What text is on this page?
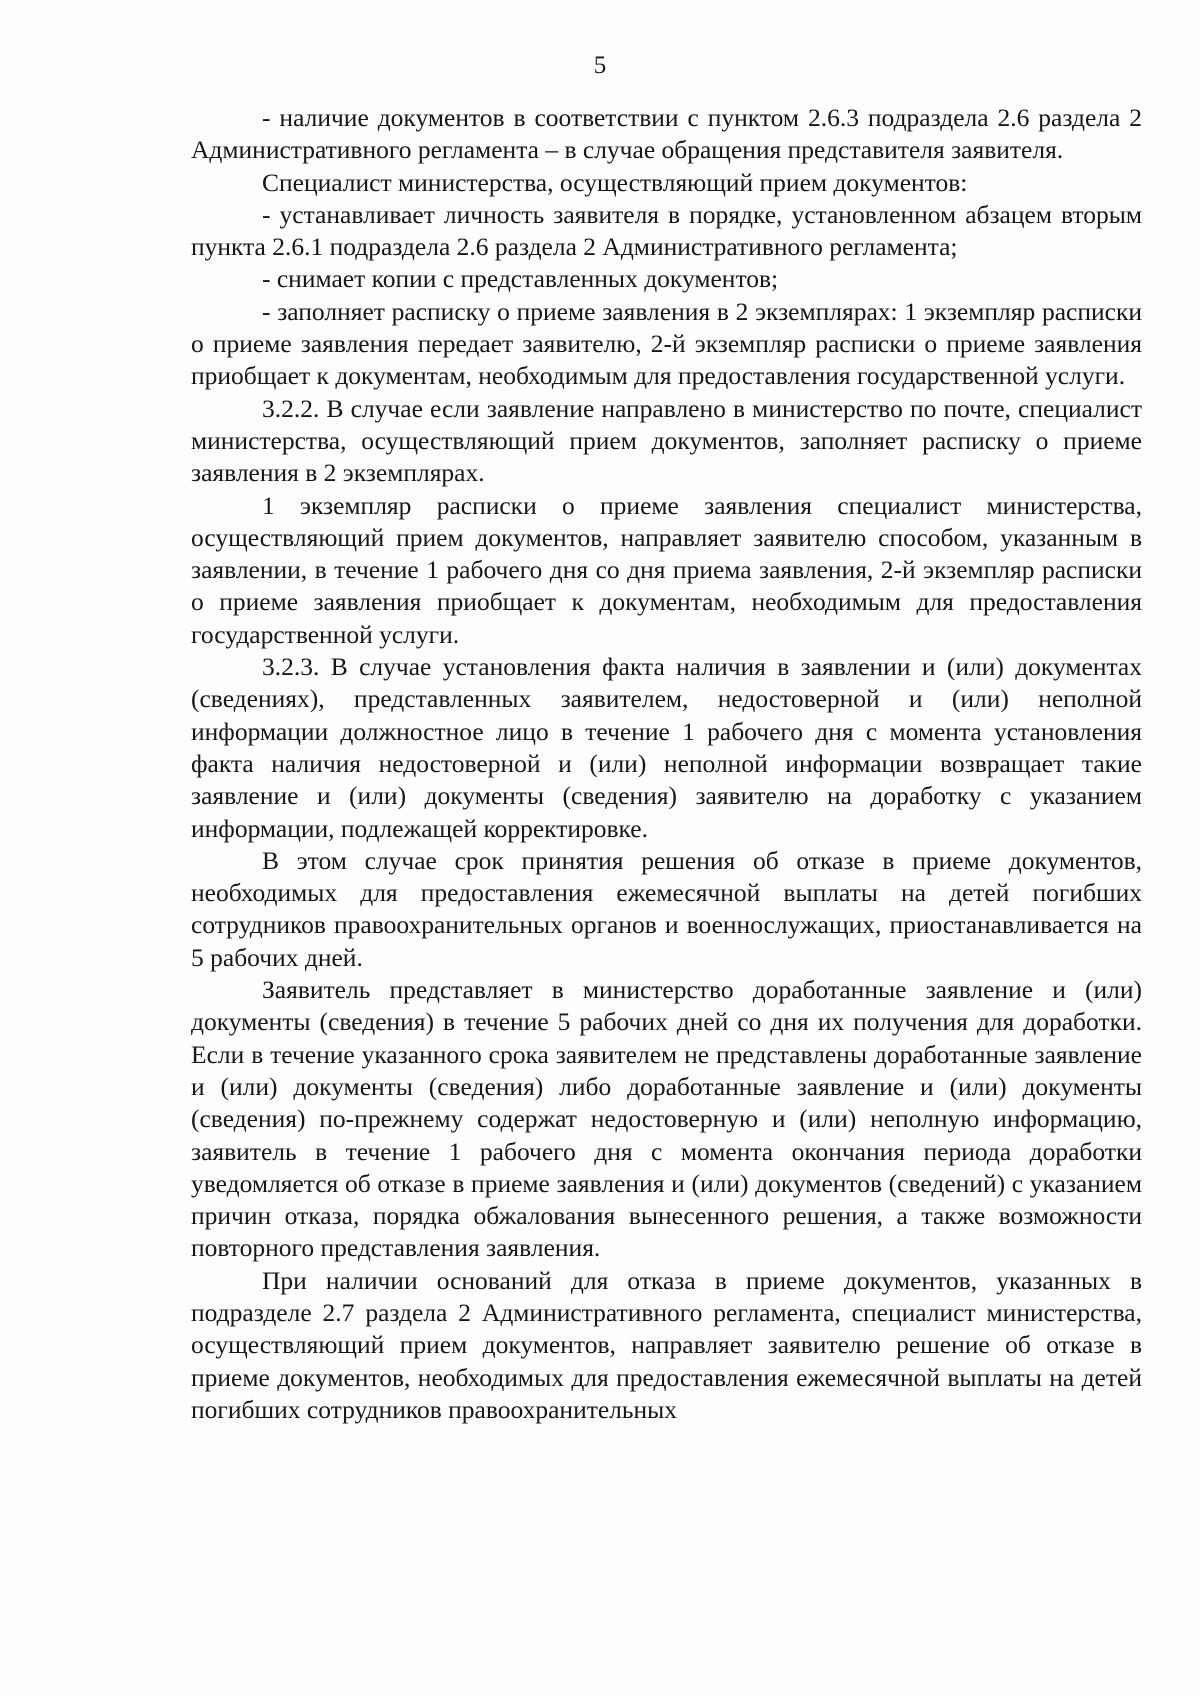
5

- наличие документов в соответствии с пунктом 2.6.3 подраздела 2.6 раздела 2 Административного регламента – в случае обращения представителя заявителя.

Специалист министерства, осуществляющий прием документов:

- устанавливает личность заявителя в порядке, установленном абзацем вторым пункта 2.6.1 подраздела 2.6 раздела 2 Административного регламента;

- снимает копии с представленных документов;

- заполняет расписку о приеме заявления в 2 экземплярах: 1 экземпляр расписки о приеме заявления передает заявителю, 2-й экземпляр расписки о приеме заявления приобщает к документам, необходимым для предоставления государственной услуги.

3.2.2. В случае если заявление направлено в министерство по почте, специалист министерства, осуществляющий прием документов, заполняет расписку о приеме заявления в 2 экземплярах.

1 экземпляр расписки о приеме заявления специалист министерства, осуществляющий прием документов, направляет заявителю способом, указанным в заявлении, в течение 1 рабочего дня со дня приема заявления, 2-й экземпляр расписки о приеме заявления приобщает к документам, необходимым для предоставления государственной услуги.

3.2.3. В случае установления факта наличия в заявлении и (или) документах (сведениях), представленных заявителем, недостоверной и (или) неполной информации должностное лицо в течение 1 рабочего дня с момента установления факта наличия недостоверной и (или) неполной информации возвращает такие заявление и (или) документы (сведения) заявителю на доработку с указанием информации, подлежащей корректировке.

В этом случае срок принятия решения об отказе в приеме документов, необходимых для предоставления ежемесячной выплаты на детей погибших сотрудников правоохранительных органов и военнослужащих, приостанавливается на 5 рабочих дней.

Заявитель представляет в министерство доработанные заявление и (или) документы (сведения) в течение 5 рабочих дней со дня их получения для доработки. Если в течение указанного срока заявителем не представлены доработанные заявление и (или) документы (сведения) либо доработанные заявление и (или) документы (сведения) по-прежнему содержат недостоверную и (или) неполную информацию, заявитель в течение 1 рабочего дня с момента окончания периода доработки уведомляется об отказе в приеме заявления и (или) документов (сведений) с указанием причин отказа, порядка обжалования вынесенного решения, а также возможности повторного представления заявления.

При наличии оснований для отказа в приеме документов, указанных в подразделе 2.7 раздела 2 Административного регламента, специалист министерства, осуществляющий прием документов, направляет заявителю решение об отказе в приеме документов, необходимых для предоставления ежемесячной выплаты на детей погибших сотрудников правоохранительных
